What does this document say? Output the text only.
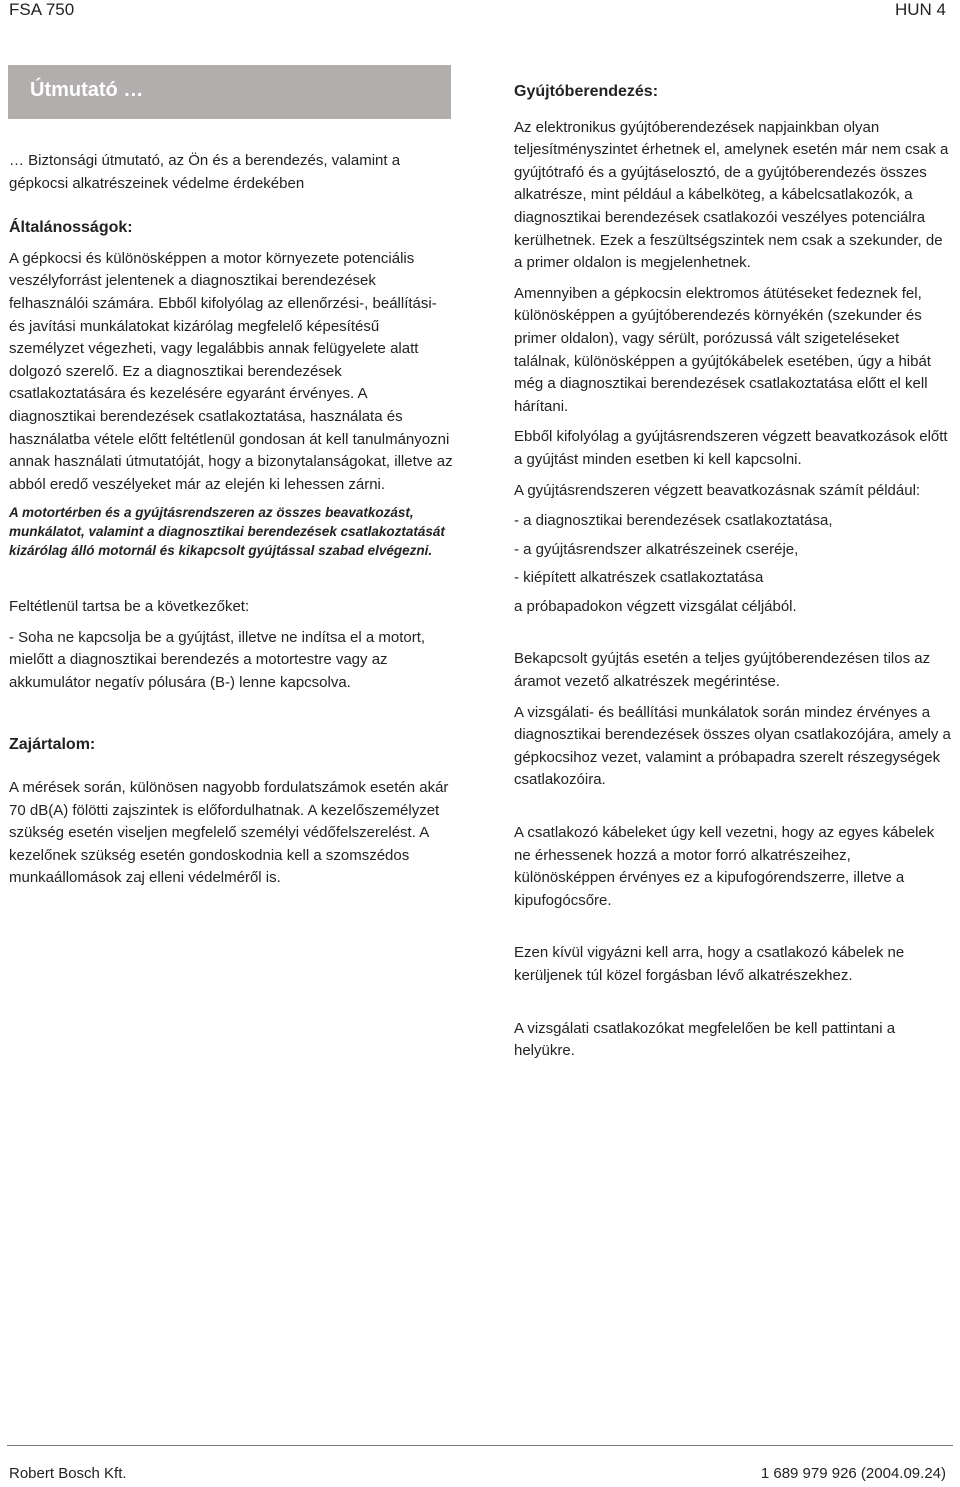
FSA 750	HUN 4
Útmutató …

… Biztonsági útmutató, az Ön és a berendezés, valamint a gépkocsi alkatrészeinek védelme érdekében

Általánosságok:

A gépkocsi és különösképpen a motor környezete potenciális veszélyforrást jelentenek a diagnosztikai berendezések felhasználói számára. Ebből kifolyólag az ellenőrzési-, beállítási- és javítási munkálatokat kizárólag megfelelő képesítésű személyzet végezheti, vagy legalábbis annak felügyelete alatt dolgozó szerelő. Ez a diagnosztikai berendezések csatlakoztatására és kezelésére egyaránt érvényes. A diagnosztikai berendezések csatlakoztatása, használata és használatba vétele előtt feltétlenül gondosan át kell tanulmányozni annak használati útmutatóját, hogy a bizonytalanságokat, illetve az abból eredő veszélyeket már az elején ki lehessen zárni.

A motortérben és a gyújtásrendszeren az összes beavatkozást, munkálatot, valamint a diagnosztikai berendezések csatlakoztatását kizárólag álló motornál és kikapcsolt gyújtással szabad elvégezni.

Feltétlenül tartsa be a következőket:

- Soha ne kapcsolja be a gyújtást, illetve ne indítsa el a motort, mielőtt a diagnosztikai berendezés a motortestre vagy az akkumulátor negatív pólusára (B-) lenne kapcsolva.

Zajártalom:

A mérések során, különösen nagyobb fordulatszámok esetén akár 70 dB(A) fölötti zajszintek is előfordulhatnak. A kezelőszemélyzet szükség esetén viseljen megfelelő személyi védőfelszerelést. A kezelőnek szükség esetén gondoskodnia kell a szomszédos munkaállomások zaj elleni védelméről is.

Gyújtóberendezés:

Az elektronikus gyújtóberendezések napjainkban olyan teljesítményszintet érhetnek el, amelynek esetén már nem csak a gyújtótrafó és a gyújtáselosztó, de a gyújtóberendezés összes alkatrésze, mint például a kábelköteg, a kábelcsatlakozók, a diagnosztikai berendezések csatlakozói veszélyes potenciálra kerülhetnek. Ezek a feszültségszintek nem csak a szekunder, de a primer oldalon is megjelenhetnek.

Amennyiben a gépkocsin elektromos átütéseket fedeznek fel, különösképpen a gyújtóberendezés környékén (szekunder és primer oldalon), vagy sérült, porózussá vált szigeteléseket találnak, különösképpen a gyújtókábelek esetében, úgy a hibát még a diagnosztikai berendezések csatlakoztatása előtt el kell hárítani.

Ebből kifolyólag a gyújtásrendszeren végzett beavatkozások előtt a gyújtást minden esetben ki kell kapcsolni.

A gyújtásrendszeren végzett beavatkozásnak számít például:

- a diagnosztikai berendezések csatlakoztatása,

- a gyújtásrendszer alkatrészeinek cseréje,

- kiépített alkatrészek csatlakoztatása

a próbapadokon végzett vizsgálat céljából.

Bekapcsolt gyújtás esetén a teljes gyújtóberendezésen tilos az áramot vezető alkatrészek megérintése.

A vizsgálati- és beállítási munkálatok során mindez érvényes a diagnosztikai berendezések összes olyan csatlakozójára, amely a gépkocsihoz vezet, valamint a próbapadra szerelt részegységek csatlakozóira.

A csatlakozó kábeleket úgy kell vezetni, hogy az egyes kábelek ne érhessenek hozzá a motor forró alkatrészeihez, különösképpen érvényes ez a kipufogórendszerre, illetve a kipufogócsőre.

Ezen kívül vigyázni kell arra, hogy a csatlakozó kábelek ne kerüljenek túl közel forgásban lévő alkatrészekhez.

A vizsgálati csatlakozókat megfelelően be kell pattintani a helyükre.

Robert Bosch Kft.	1 689 979 926 (2004.09.24)
